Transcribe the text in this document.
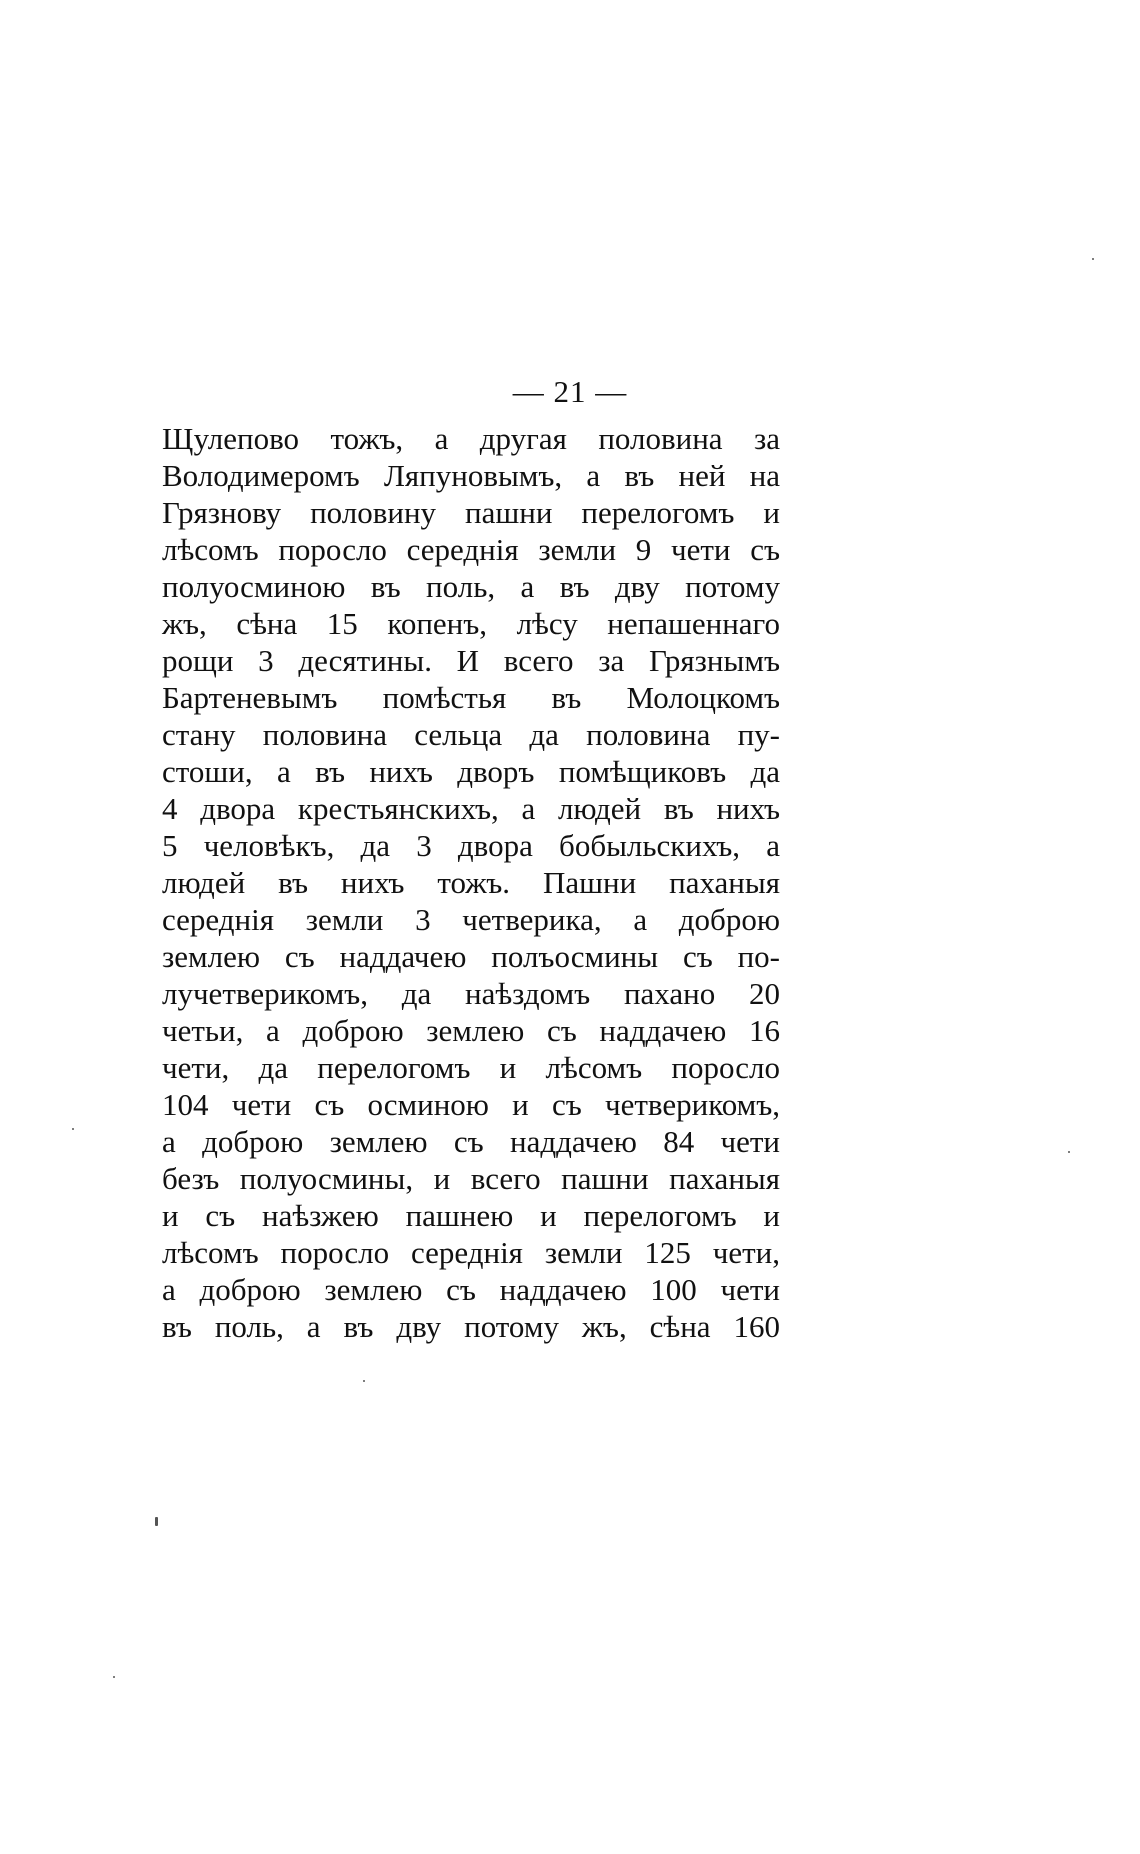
— 21 —
Щулепово тожъ, а другая половина за
Володимеромъ Ляпуновымъ, а въ ней на
Грязнову половину пашни перелогомъ и
лѣсомъ поросло середнія земли 9 чети съ
полуосминою въ поль, а въ дву потому
жъ, сѣна 15 копенъ, лѣсу непашеннаго
рощи 3 десятины. И всего за Грязнымъ
Бартеневымъ помѣстья въ Молоцкомъ
стану половина сельца да половина пу-
стоши, а въ нихъ дворъ помѣщиковъ да
4 двора крестьянскихъ, а людей въ нихъ
5 человѣкъ, да 3 двора бобыльскихъ, а
людей въ нихъ тожъ. Пашни паханыя
середнія земли 3 четверика, а доброю
землею съ наддачею полъосмины съ по-
лучетверикомъ, да наѣздомъ пахано 20
четьи, а доброю землею съ наддачею 16
чети, да перелогомъ и лѣсомъ поросло
104 чети съ осминою и съ четверикомъ,
а доброю землею съ наддачею 84 чети
безъ полуосмины, и всего пашни паханыя
и съ наѣзжею пашнею и перелогомъ и
лѣсомъ поросло середнія земли 125 чети,
а доброю землею съ наддачею 100 чети
въ поль, а въ дву потому жъ, сѣна 160
